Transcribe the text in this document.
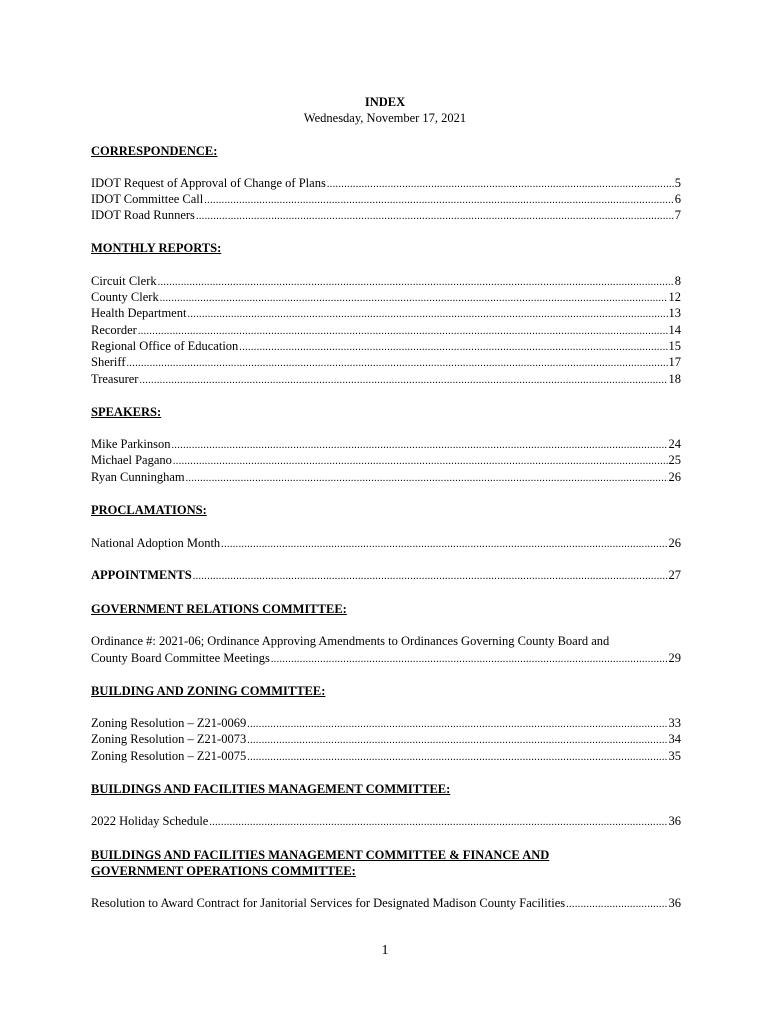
INDEX
Wednesday, November 17, 2021
CORRESPONDENCE:
IDOT Request of Approval of Change of Plans .....	5
IDOT Committee Call .....	6
IDOT Road Runners .....	7
MONTHLY REPORTS:
Circuit Clerk .....	8
County Clerk .....	12
Health Department .....	13
Recorder .....	14
Regional Office of Education .....	15
Sheriff .....	17
Treasurer .....	18
SPEAKERS:
Mike Parkinson .....	24
Michael Pagano .....	25
Ryan Cunningham .....	26
PROCLAMATIONS:
National Adoption Month .....	26
APPOINTMENTS .....	27
GOVERNMENT RELATIONS COMMITTEE:
Ordinance #: 2021-06; Ordinance Approving Amendments to Ordinances Governing County Board and
County Board Committee Meetings .....	29
BUILDING AND ZONING COMMITTEE:
Zoning Resolution – Z21-0069 .....	33
Zoning Resolution – Z21-0073 .....	34
Zoning Resolution – Z21-0075 .....	35
BUILDINGS AND FACILITIES MANAGEMENT COMMITTEE:
2022 Holiday Schedule .....	36
BUILDINGS AND FACILITIES MANAGEMENT COMMITTEE & FINANCE AND
GOVERNMENT OPERATIONS COMMITTEE:
Resolution to Award Contract for Janitorial Services for Designated Madison County Facilities .....	36
1
